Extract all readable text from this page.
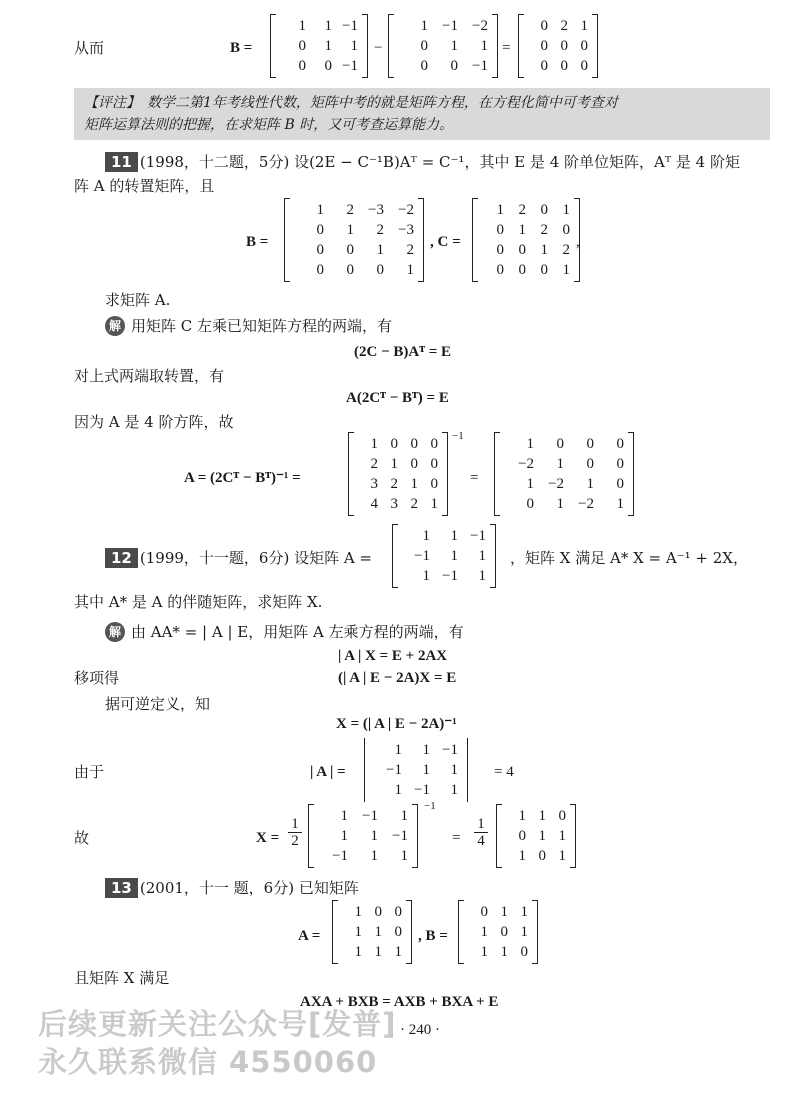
从而	B =
1	1 −1
0	1	1
0	0 −1
−
1 −1 −2
0	1	1
0	0 −1
=
0 2 1
0 0 0
0 0 0
【评注】　数学二第1年考线性代数，矩阵中考的就是矩阵方程，在方程化简中可考查对
矩阵运算法则的把握，在求矩阵 B 时，又可考查运算能力。
11 (1998，十二题，5分) 设(2E − C⁻¹B)Aᵀ = C⁻¹，其中 E 是 4 阶单位矩阵，Aᵀ 是 4 阶矩
阵 A 的转置矩阵，且
B =
1	2 −3 −2
0	1	2 −3
0	0	1	2
0	0	0	1
, C =
1 2 0 1
0 1 2 0
0 0 1 2
0 0 0 1
,
求矩阵 A.
解 用矩阵 C 左乘已知矩阵方程的两端，有
(2C − B)Aᵀ = E
对上式两端取转置，有
A(2Cᵀ − Bᵀ) = E
因为 A 是 4 阶方阵，故
A = (2Cᵀ − Bᵀ)⁻¹ =
1 0 0 0
2 1 0 0
3 2 1 0
4 3 2 1
−1
=
1	0	0	0
−2	1	0	0
1 −2	1	0
0	1 −2	1
12 (1999，十一题，6分) 设矩阵 A =
1	1 −1
−1	1	1
1 −1	1
，矩阵 X 满足 A* X = A⁻¹ + 2X，
其中 A* 是 A 的伴随矩阵，求矩阵 X.
解 由 AA* = | A | E，用矩阵 A 左乘方程的两端，有
| A | X = E + 2AX
移项得	(| A | E − 2A)X = E
据可逆定义，知
X = (| A | E − 2A)⁻¹
由于	| A | =
1	1 −1
−1	1	1
1 −1	1
= 4
故	$X = \frac{1}{2}$	1 −1	1
1	1 −1
−1	1	1
−1
= $\frac{1}{4}$	1 1 0
0 1 1
1 0 1
13 (2001，十一 题，6分) 已知矩阵
A =
1 0 0
1 1 0
1 1 1
, B =
0 1 1
1 0 1
1 1 0
且矩阵 X 满足
AXA + BXB = AXB + BXA + E
· 240 ·
后续更新关注公众号[发普]
永久联系微信 4550060
